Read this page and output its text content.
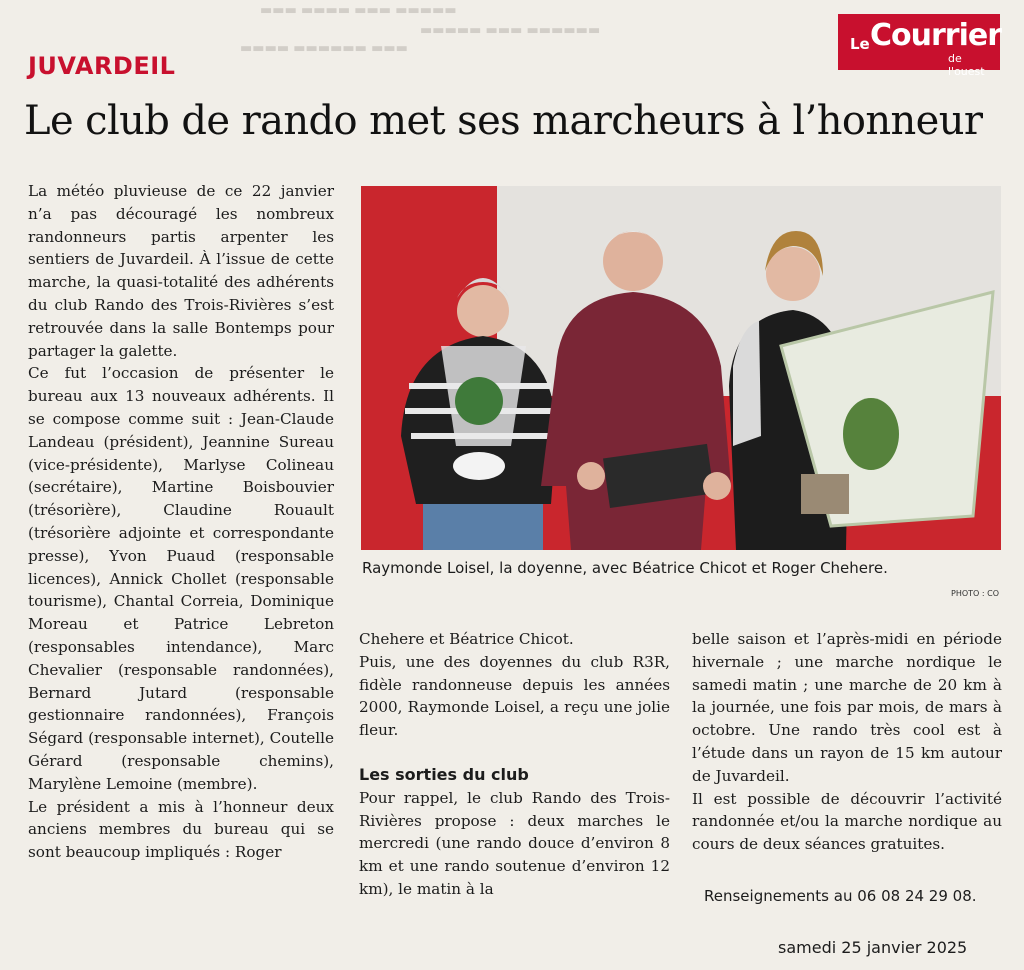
▬▬▬ ▬▬▬▬ ▬▬▬ ▬▬▬▬▬
▬▬▬▬▬ ▬▬▬ ▬▬▬▬▬▬
▬▬▬▬ ▬▬▬▬▬▬ ▬▬▬	Le Courrier
de l'ouest
JUVARDEIL
Le club de rando met ses marcheurs à l’honneur

La météo pluvieuse de ce 22 janvier n’a pas découragé les nombreux randonneurs partis arpenter les sentiers de Juvardeil. À l’issue de cette marche, la quasi-totalité des adhérents du club Rando des Trois-Rivières s’est retrouvée dans la salle Bontemps pour partager la galette.

Ce fut l’occasion de présenter le bureau aux 13 nouveaux adhérents. Il se compose comme suit : Jean-Claude Landeau (président), Jeannine Sureau (vice-présidente), Marlyse Colineau (secrétaire), Martine Boisbouvier (trésorière), Claudine Rouault (trésorière adjointe et correspondante presse), Yvon Puaud (responsable licences), Annick Chollet (responsable tourisme), Chantal Correia, Dominique Moreau et Patrice Lebreton (responsables intendance), Marc Chevalier (responsable randonnées), Bernard Jutard (responsable gestionnaire randonnées), François Ségard (responsable internet), Coutelle Gérard (responsable chemins), Marylène Lemoine (membre).

Le président a mis à l’honneur deux anciens membres du bureau qui se sont beaucoup impliqués : Roger

Raymonde Loisel, la doyenne, avec Béatrice Chicot et Roger Chehere.
PHOTO : CO

Chehere et Béatrice Chicot.

Puis, une des doyennes du club R3R, fidèle randonneuse depuis les années 2000, Raymonde Loisel, a reçu une jolie fleur.

Les sorties du club

Pour rappel, le club Rando des Trois-Rivières propose : deux marches le mercredi (une rando douce d’environ 8 km et une rando soutenue d’environ 12 km), le matin à la

belle saison et l’après-midi en période hivernale ; une marche nordique le samedi matin ; une marche de 20 km à la journée, une fois par mois, de mars à octobre. Une rando très cool est à l’étude dans un rayon de 15 km autour de Juvardeil.

Il est possible de découvrir l’activité randonnée et/ou la marche nordique au cours de deux séances gratuites.

Renseignements au 06 08 24 29 08.
samedi 25 janvier 2025
